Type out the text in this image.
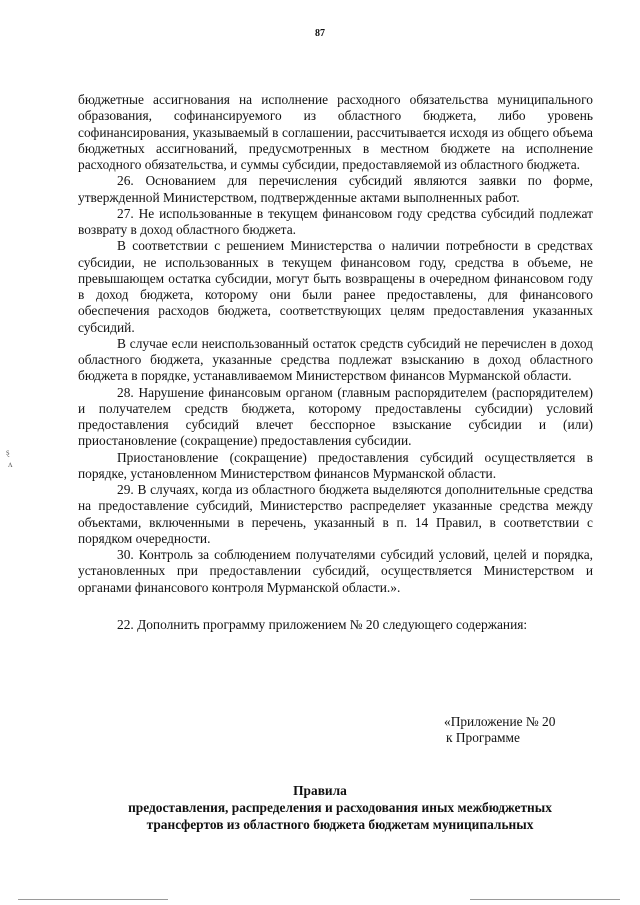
87

бюджетные ассигнования на исполнение расходного обязательства муниципального образования, софинансируемого из областного бюджета, либо уровень софинансирования, указываемый в соглашении, рассчитывается исходя из общего объема бюджетных ассигнований, предусмотренных в местном бюджете на исполнение расходного обязательства, и суммы субсидии, предоставляемой из областного бюджета.

26. Основанием для перечисления субсидий являются заявки по форме, утвержденной Министерством, подтвержденные актами выполненных работ.

27. Не использованные в текущем финансовом году средства субсидий подлежат возврату в доход областного бюджета.

В соответствии с решением Министерства о наличии потребности в средствах субсидии, не использованных в текущем финансовом году, средства в объеме, не превышающем остатка субсидии, могут быть возвращены в очередном финансовом году в доход бюджета, которому они были ранее предоставлены, для финансового обеспечения расходов бюджета, соответствующих целям предоставления указанных субсидий.

В случае если неиспользованный остаток средств субсидий не перечислен в доход областного бюджета, указанные средства подлежат взысканию в доход областного бюджета в порядке, устанавливаемом Министерством финансов Мурманской области.

28. Нарушение финансовым органом (главным распорядителем (распорядителем) и получателем средств бюджета, которому предоставлены субсидии) условий предоставления субсидий влечет бесспорное взыскание субсидии и (или) приостановление (сокращение) предоставления субсидии.

Приостановление (сокращение) предоставления субсидий осуществляется в порядке, установленном Министерством финансов Мурманской области.

29. В случаях, когда из областного бюджета выделяются дополнительные средства на предоставление субсидий, Министерство распределяет указанные средства между объектами, включенными в перечень, указанный в п. 14 Правил, в соответствии с порядком очередности.

30. Контроль за соблюдением получателями субсидий условий, целей и порядка, установленных при предоставлении субсидий, осуществляется Министерством и органами финансового контроля Мурманской области.».

22. Дополнить программу приложением № 20 следующего содержания:

«Приложение № 20
к Программе
Правила
предоставления, распределения и расходования иных межбюджетных трансфертов из областного бюджета бюджетам муниципальных
ȿ
ʌ
